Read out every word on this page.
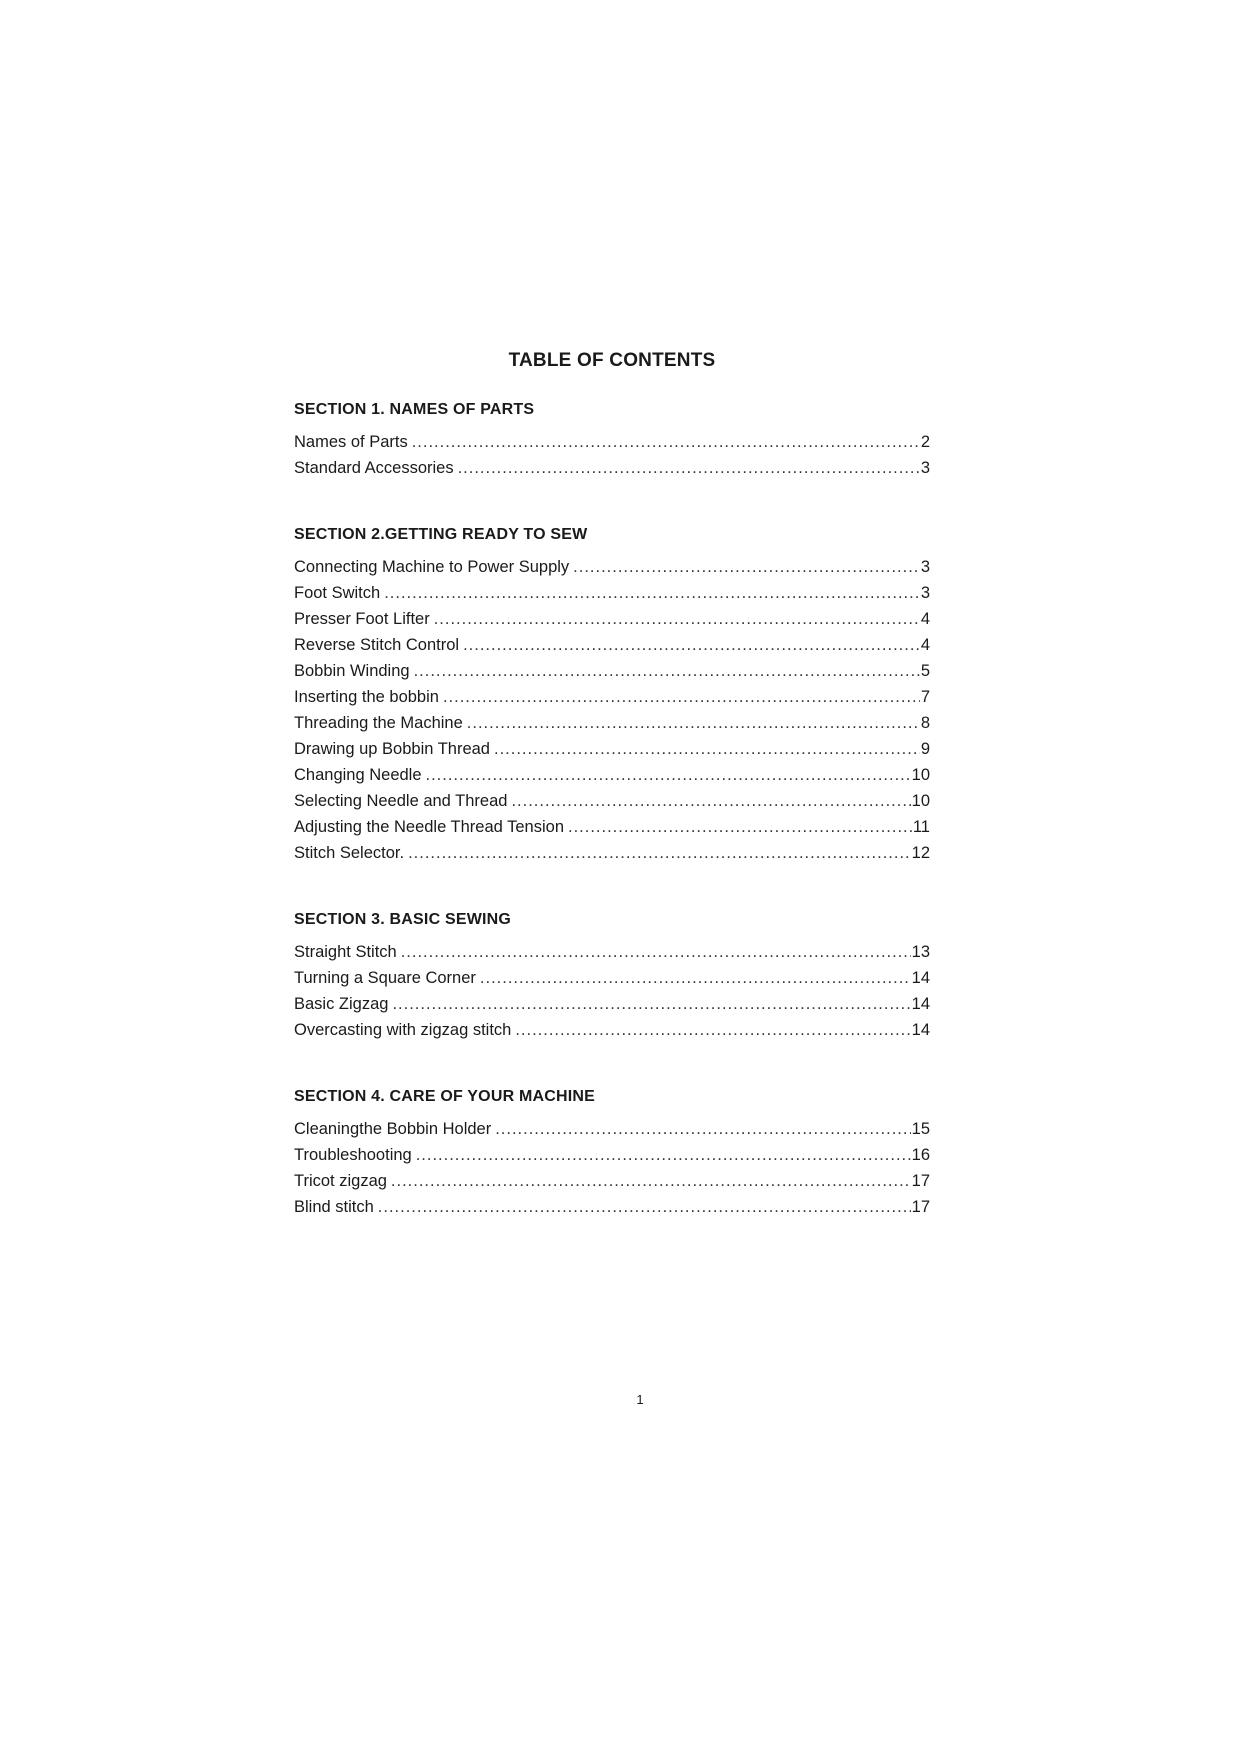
TABLE OF CONTENTS
SECTION 1. NAMES OF PARTS
Names of Parts .....	2
Standard Accessories .....	3
SECTION 2.GETTING READY TO SEW
Connecting Machine to Power Supply .....	3
Foot Switch .....	3
Presser Foot Lifter .....	4
Reverse Stitch Control .....	4
Bobbin Winding .....	5
Inserting the bobbin .....	7
Threading the Machine .....	8
Drawing up Bobbin Thread .....	9
Changing Needle .....	10
Selecting Needle and Thread .....	10
Adjusting the Needle Thread Tension .....	11
Stitch Selector. .....	12
SECTION 3. BASIC SEWING
Straight Stitch .....	13
Turning a Square Corner .....	14
Basic Zigzag .....	14
Overcasting with zigzag stitch .....	14
SECTION 4. CARE OF YOUR MACHINE
Cleaningthe Bobbin Holder .....	15
Troubleshooting .....	16
Tricot zigzag .....	17
Blind stitch .....	17
1
